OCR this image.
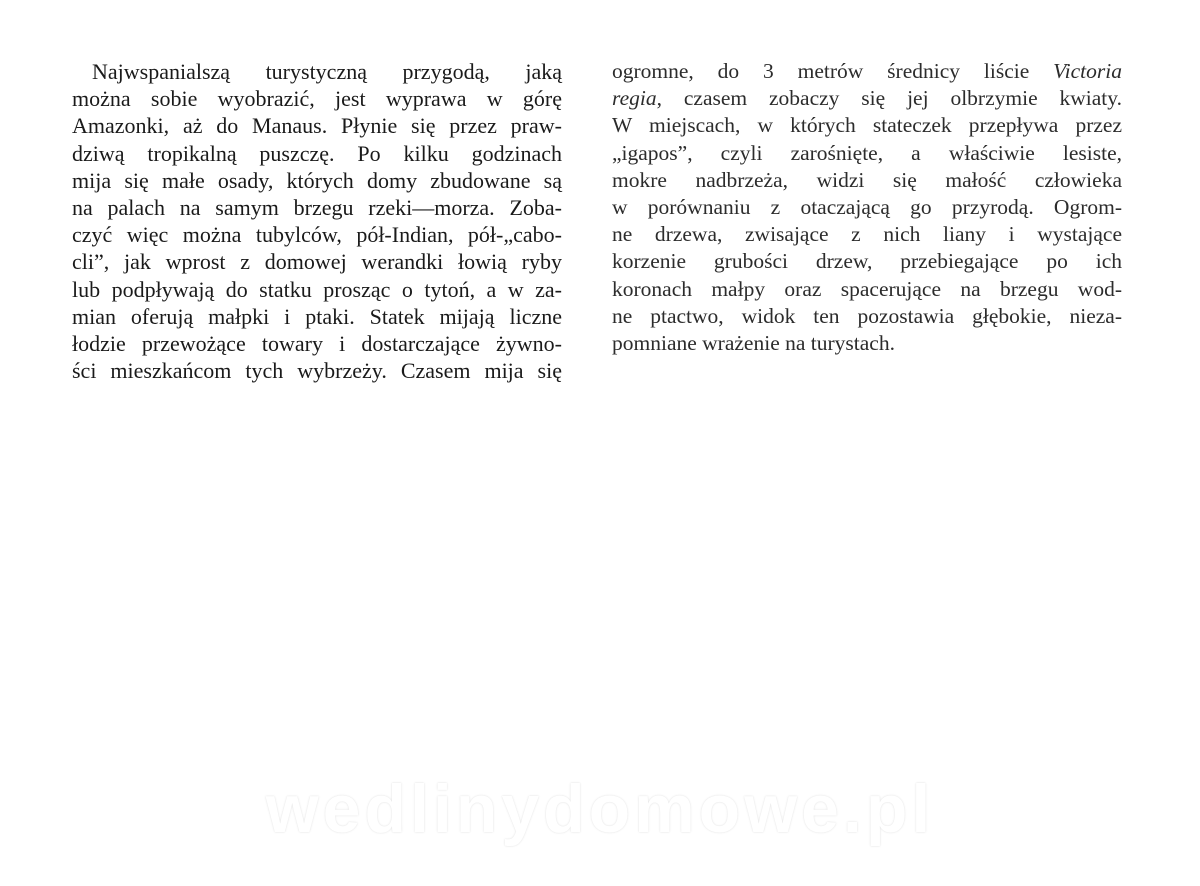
Najwspanialszą turystyczną przygodą, jaką
można sobie wyobrazić, jest wyprawa w górę
Amazonki, aż do Manaus. Płynie się przez praw-
dziwą tropikalną puszczę. Po kilku godzinach
mija się małe osady, których domy zbudowane są
na palach na samym brzegu rzeki—morza. Zoba-
czyć więc można tubylców, pół-Indian, pół-„cabo-
cli”, jak wprost z domowej werandki łowią ryby
lub podpływają do statku prosząc o tytoń, a w za-
mian oferują małpki i ptaki. Statek mijają liczne
łodzie przewożące towary i dostarczające żywno-
ści mieszkańcom tych wybrzeży. Czasem mija się
ogromne, do 3 metrów średnicy liście Victoria
regia, czasem zobaczy się jej olbrzymie kwiaty.
W miejscach, w których stateczek przepływa przez
„igapos”, czyli zarośnięte, a właściwie lesiste,
mokre nadbrzeża, widzi się małość człowieka
w porównaniu z otaczającą go przyrodą. Ogrom-
ne drzewa, zwisające z nich liany i wystające
korzenie grubości drzew, przebiegające po ich
koronach małpy oraz spacerujące na brzegu wod-
ne ptactwo, widok ten pozostawia głębokie, nieza-
pomniane wrażenie na turystach.
wedlinydomowe.pl
